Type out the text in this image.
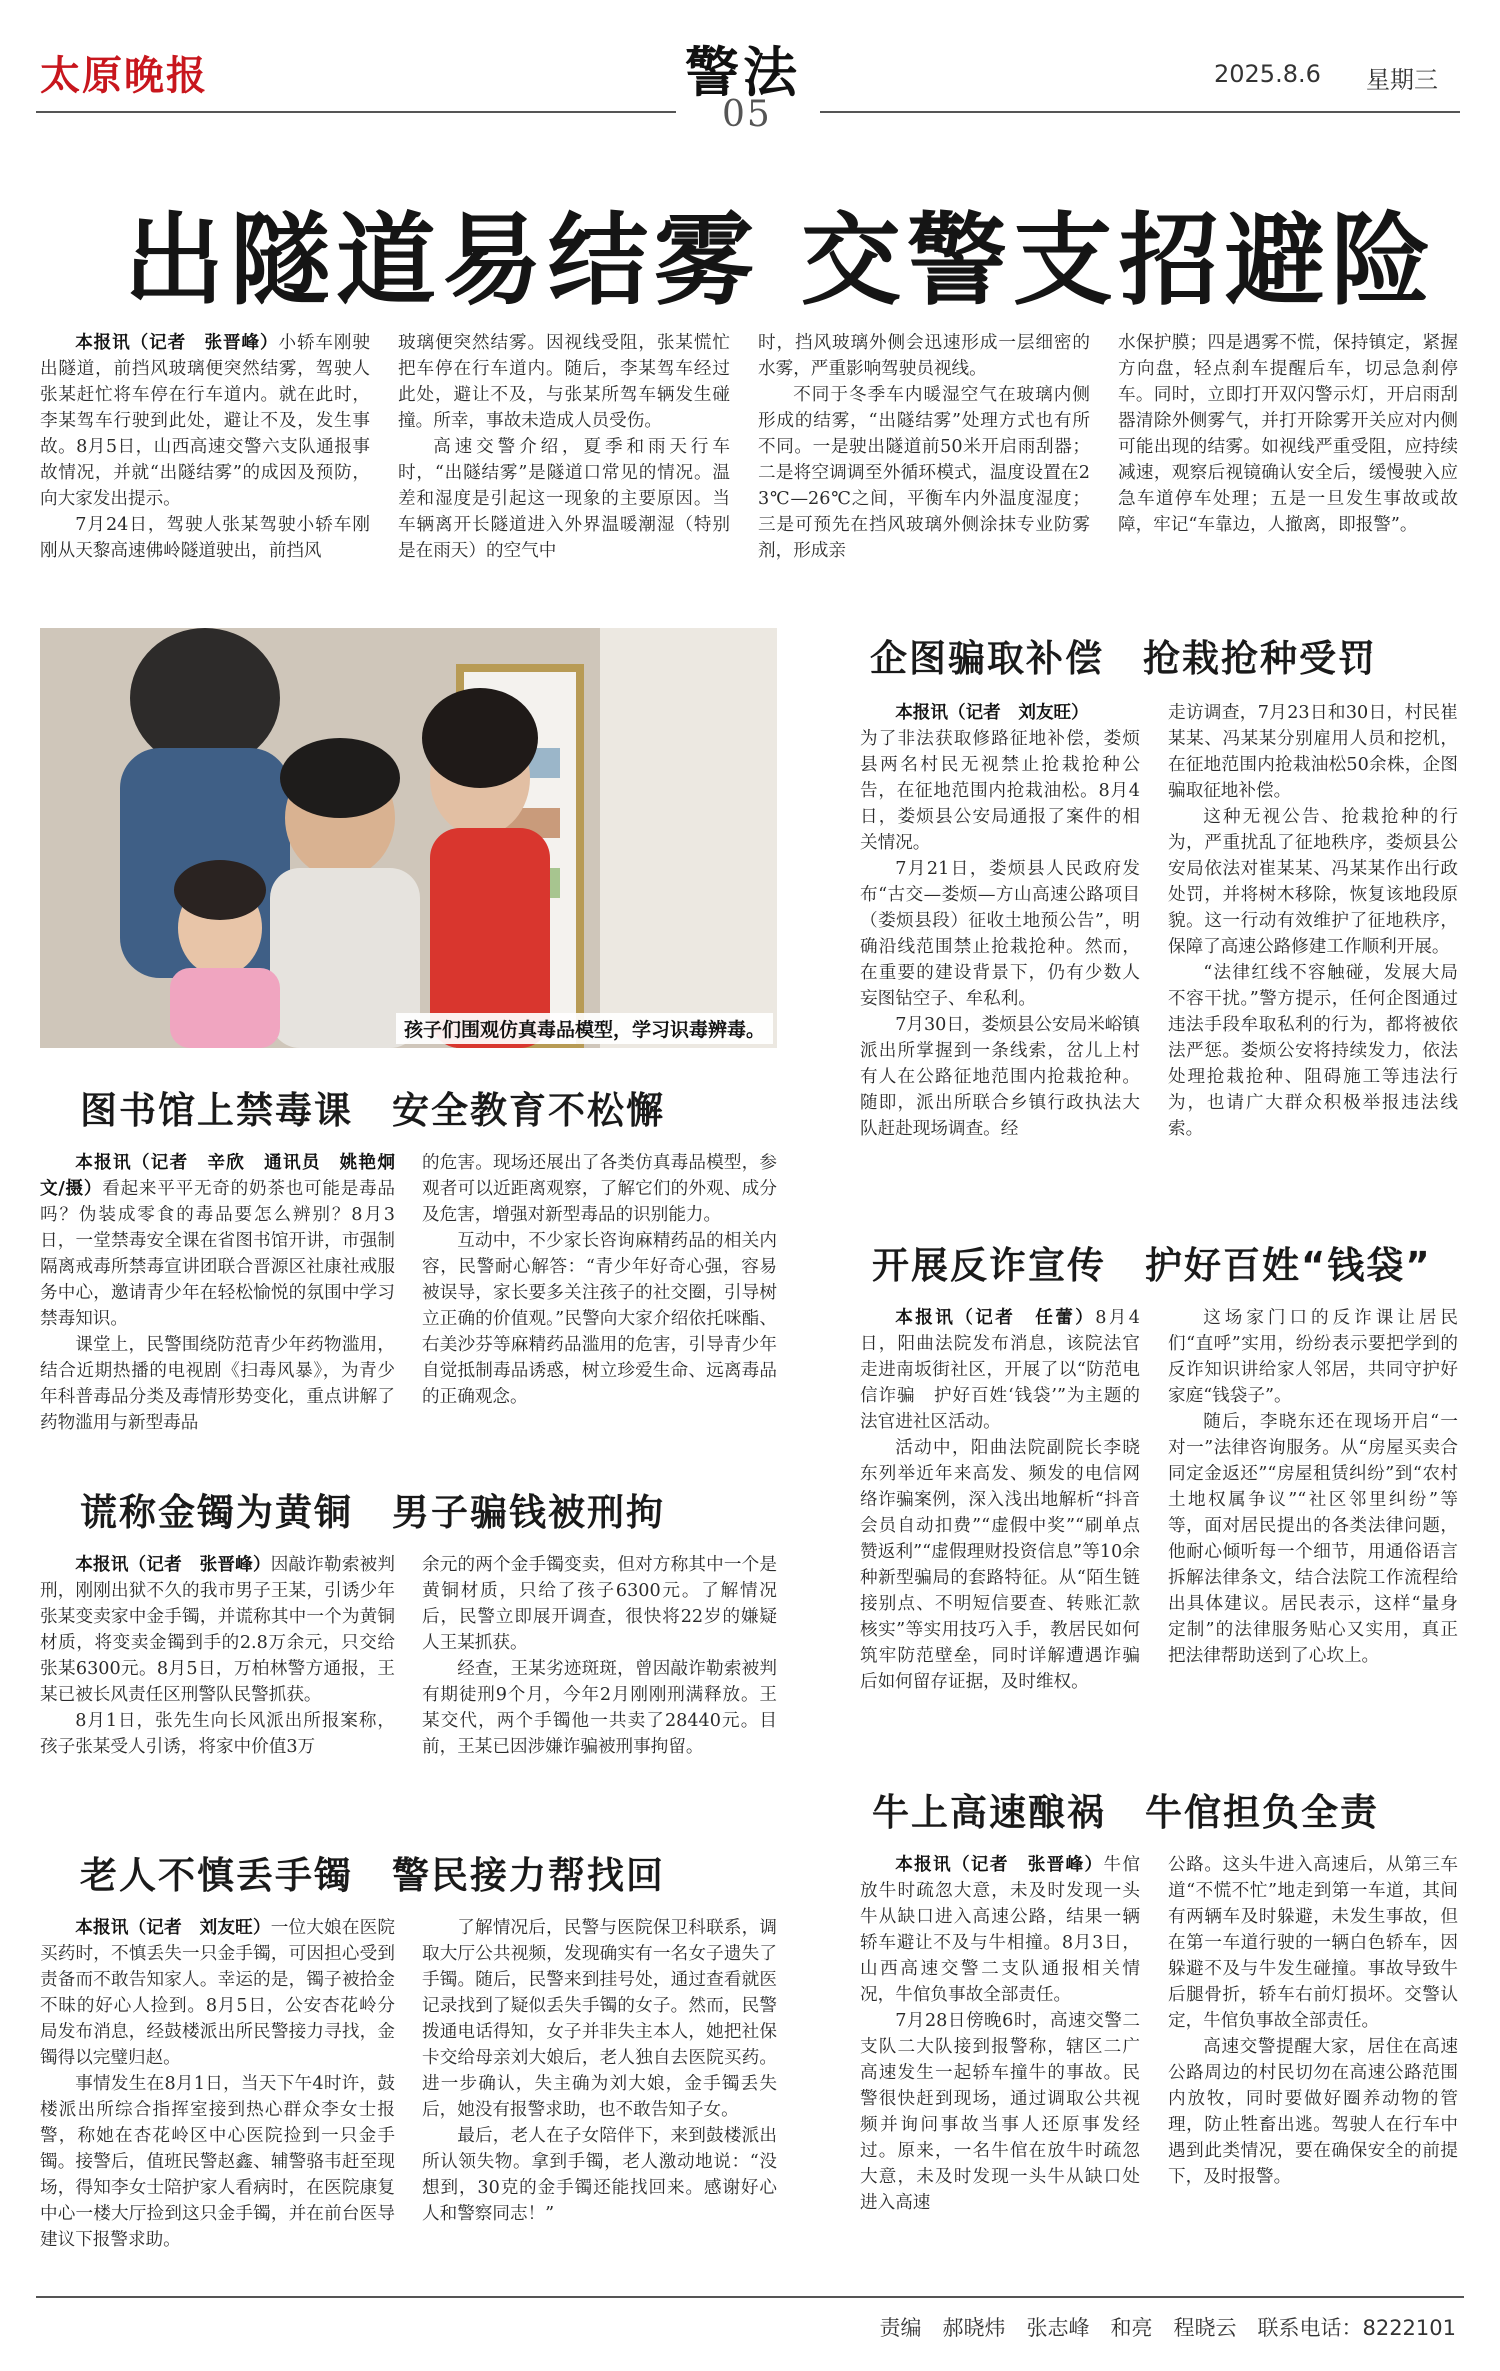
太原晚报	警法
05
2025.8.6 星期三
出隧道易结雾 交警支招避险

本报讯（记者　张晋峰）小轿车刚驶出隧道，前挡风玻璃便突然结雾，驾驶人张某赶忙将车停在行车道内。就在此时，李某驾车行驶到此处，避让不及，发生事故。8月5日，山西高速交警六支队通报事故情况，并就“出隧结雾”的成因及预防，向大家发出提示。

7月24日，驾驶人张某驾驶小轿车刚刚从天黎高速佛岭隧道驶出，前挡风

玻璃便突然结雾。因视线受阻，张某慌忙把车停在行车道内。随后，李某驾车经过此处，避让不及，与张某所驾车辆发生碰撞。所幸，事故未造成人员受伤。

高速交警介绍，夏季和雨天行车时，“出隧结雾”是隧道口常见的情况。温差和湿度是引起这一现象的主要原因。当车辆离开长隧道进入外界温暖潮湿（特别是在雨天）的空气中

时，挡风玻璃外侧会迅速形成一层细密的水雾，严重影响驾驶员视线。

不同于冬季车内暖湿空气在玻璃内侧形成的结雾，“出隧结雾”处理方式也有所不同。一是驶出隧道前50米开启雨刮器；二是将空调调至外循环模式，温度设置在23℃—26℃之间，平衡车内外温度湿度；三是可预先在挡风玻璃外侧涂抹专业防雾剂，形成亲

水保护膜；四是遇雾不慌，保持镇定，紧握方向盘，轻点刹车提醒后车，切忌急刹停车。同时，立即打开双闪警示灯，开启雨刮器清除外侧雾气，并打开除雾开关应对内侧可能出现的结雾。如视线严重受阻，应持续减速，观察后视镜确认安全后，缓慢驶入应急车道停车处理；五是一旦发生事故或故障，牢记“车靠边，人撤离，即报警”。

孩子们围观仿真毒品模型，学习识毒辨毒。
企图骗取补偿　抢栽抢种受罚

本报讯（记者　刘友旺）

为了非法获取修路征地补偿，娄烦县两名村民无视禁止抢栽抢种公告，在征地范围内抢栽油松。8月4日，娄烦县公安局通报了案件的相关情况。

7月21日，娄烦县人民政府发布“古交—娄烦—方山高速公路项目（娄烦县段）征收土地预公告”，明确沿线范围禁止抢栽抢种。然而，在重要的建设背景下，仍有少数人妄图钻空子、牟私利。

7月30日，娄烦县公安局米峪镇派出所掌握到一条线索，岔儿上村有人在公路征地范围内抢栽抢种。随即，派出所联合乡镇行政执法大队赶赴现场调查。经

走访调查，7月23日和30日，村民崔某某、冯某某分别雇用人员和挖机，在征地范围内抢栽油松50余株，企图骗取征地补偿。

这种无视公告、抢栽抢种的行为，严重扰乱了征地秩序，娄烦县公安局依法对崔某某、冯某某作出行政处罚，并将树木移除，恢复该地段原貌。这一行动有效维护了征地秩序，保障了高速公路修建工作顺利开展。

“法律红线不容触碰，发展大局不容干扰。”警方提示，任何企图通过违法手段牟取私利的行为，都将被依法严惩。娄烦公安将持续发力，依法处理抢栽抢种、阻碍施工等违法行为，也请广大群众积极举报违法线索。

图书馆上禁毒课　安全教育不松懈

本报讯（记者　辛欣　通讯员　姚艳炯　文/摄）看起来平平无奇的奶茶也可能是毒品吗？伪装成零食的毒品要怎么辨别？8月3日，一堂禁毒安全课在省图书馆开讲，市强制隔离戒毒所禁毒宣讲团联合晋源区社康社戒服务中心，邀请青少年在轻松愉悦的氛围中学习禁毒知识。

课堂上，民警围绕防范青少年药物滥用，结合近期热播的电视剧《扫毒风暴》，为青少年科普毒品分类及毒情形势变化，重点讲解了药物滥用与新型毒品

的危害。现场还展出了各类仿真毒品模型，参观者可以近距离观察，了解它们的外观、成分及危害，增强对新型毒品的识别能力。

互动中，不少家长咨询麻精药品的相关内容，民警耐心解答：“青少年好奇心强，容易被误导，家长要多关注孩子的社交圈，引导树立正确的价值观。”民警向大家介绍依托咪酯、右美沙芬等麻精药品滥用的危害，引导青少年自觉抵制毒品诱惑，树立珍爱生命、远离毒品的正确观念。

开展反诈宣传　护好百姓“钱袋”

本报讯（记者　任蕾）8月4日，阳曲法院发布消息，该院法官走进南坂街社区，开展了以“防范电信诈骗　护好百姓‘钱袋’”为主题的法官进社区活动。

活动中，阳曲法院副院长李晓东列举近年来高发、频发的电信网络诈骗案例，深入浅出地解析“抖音会员自动扣费”“虚假中奖”“刷单点赞返利”“虚假理财投资信息”等10余种新型骗局的套路特征。从“陌生链接别点、不明短信要查、转账汇款核实”等实用技巧入手，教居民如何筑牢防范壁垒，同时详解遭遇诈骗后如何留存证据，及时维权。

这场家门口的反诈课让居民们“直呼”实用，纷纷表示要把学到的反诈知识讲给家人邻居，共同守护好家庭“钱袋子”。

随后，李晓东还在现场开启“一对一”法律咨询服务。从“房屋买卖合同定金返还”“房屋租赁纠纷”到“农村土地权属争议”“社区邻里纠纷”等等，面对居民提出的各类法律问题，他耐心倾听每一个细节，用通俗语言拆解法律条文，结合法院工作流程给出具体建议。居民表示，这样“量身定制”的法律服务贴心又实用，真正把法律帮助送到了心坎上。

谎称金镯为黄铜　男子骗钱被刑拘

本报讯（记者　张晋峰）因敲诈勒索被判刑，刚刚出狱不久的我市男子王某，引诱少年张某变卖家中金手镯，并谎称其中一个为黄铜材质，将变卖金镯到手的2.8万余元，只交给张某6300元。8月5日，万柏林警方通报，王某已被长风责任区刑警队民警抓获。

8月1日，张先生向长风派出所报案称，孩子张某受人引诱，将家中价值3万

余元的两个金手镯变卖，但对方称其中一个是黄铜材质，只给了孩子6300元。了解情况后，民警立即展开调查，很快将22岁的嫌疑人王某抓获。

经查，王某劣迹斑斑，曾因敲诈勒索被判有期徒刑9个月，今年2月刚刚刑满释放。王某交代，两个手镯他一共卖了28440元。目前，王某已因涉嫌诈骗被刑事拘留。

牛上高速酿祸　牛倌担负全责

本报讯（记者　张晋峰）牛倌放牛时疏忽大意，未及时发现一头牛从缺口进入高速公路，结果一辆轿车避让不及与牛相撞。8月3日，山西高速交警二支队通报相关情况，牛倌负事故全部责任。

7月28日傍晚6时，高速交警二支队二大队接到报警称，辖区二广高速发生一起轿车撞牛的事故。民警很快赶到现场，通过调取公共视频并询问事故当事人还原事发经过。原来，一名牛倌在放牛时疏忽大意，未及时发现一头牛从缺口处进入高速

公路。这头牛进入高速后，从第三车道“不慌不忙”地走到第一车道，其间有两辆车及时躲避，未发生事故，但在第一车道行驶的一辆白色轿车，因躲避不及与牛发生碰撞。事故导致牛后腿骨折，轿车右前灯损坏。交警认定，牛倌负事故全部责任。

高速交警提醒大家，居住在高速公路周边的村民切勿在高速公路范围内放牧，同时要做好圈养动物的管理，防止牲畜出逃。驾驶人在行车中遇到此类情况，要在确保安全的前提下，及时报警。

老人不慎丢手镯　警民接力帮找回

本报讯（记者　刘友旺）一位大娘在医院买药时，不慎丢失一只金手镯，可因担心受到责备而不敢告知家人。幸运的是，镯子被拾金不昧的好心人捡到。8月5日，公安杏花岭分局发布消息，经鼓楼派出所民警接力寻找，金镯得以完璧归赵。

事情发生在8月1日，当天下午4时许，鼓楼派出所综合指挥室接到热心群众李女士报警，称她在杏花岭区中心医院捡到一只金手镯。接警后，值班民警赵鑫、辅警骆韦赶至现场，得知李女士陪护家人看病时，在医院康复中心一楼大厅捡到这只金手镯，并在前台医导建议下报警求助。

了解情况后，民警与医院保卫科联系，调取大厅公共视频，发现确实有一名女子遗失了手镯。随后，民警来到挂号处，通过查看就医记录找到了疑似丢失手镯的女子。然而，民警拨通电话得知，女子并非失主本人，她把社保卡交给母亲刘大娘后，老人独自去医院买药。进一步确认，失主确为刘大娘，金手镯丢失后，她没有报警求助，也不敢告知子女。

最后，老人在子女陪伴下，来到鼓楼派出所认领失物。拿到手镯，老人激动地说：“没想到，30克的金手镯还能找回来。感谢好心人和警察同志！”

责编　郝晓炜　张志峰　和亮　程晓云　联系电话：8222101
